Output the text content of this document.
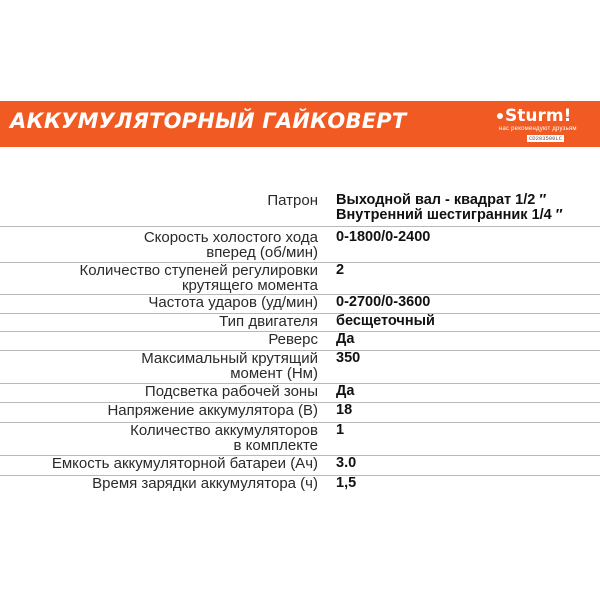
АККУМУЛЯТОРНЫЙ ГАЙКОВЕРТ	Sturm!
нас рекомендуют друзьям
CD203500LC
Патрон Выходной вал - квадрат 1/2 ″
Внутренний шестигранник 1/4 ″
Скорость холостого хода
вперед (об/мин)
0-1800/0-2400
Количество ступеней регулировки
крутящего момента
2
Частота ударов (уд/мин) 0-2700/0-3600
Тип двигателя бесщеточный
Реверс Да
Максимальный крутящий
момент (Нм)
350
Подсветка рабочей зоны Да
Напряжение аккумулятора (В) 18
Количество аккумуляторов
в комплекте
1
Емкость аккумуляторной батареи (Ач) 3.0
Время зарядки аккумулятора (ч) 1,5
